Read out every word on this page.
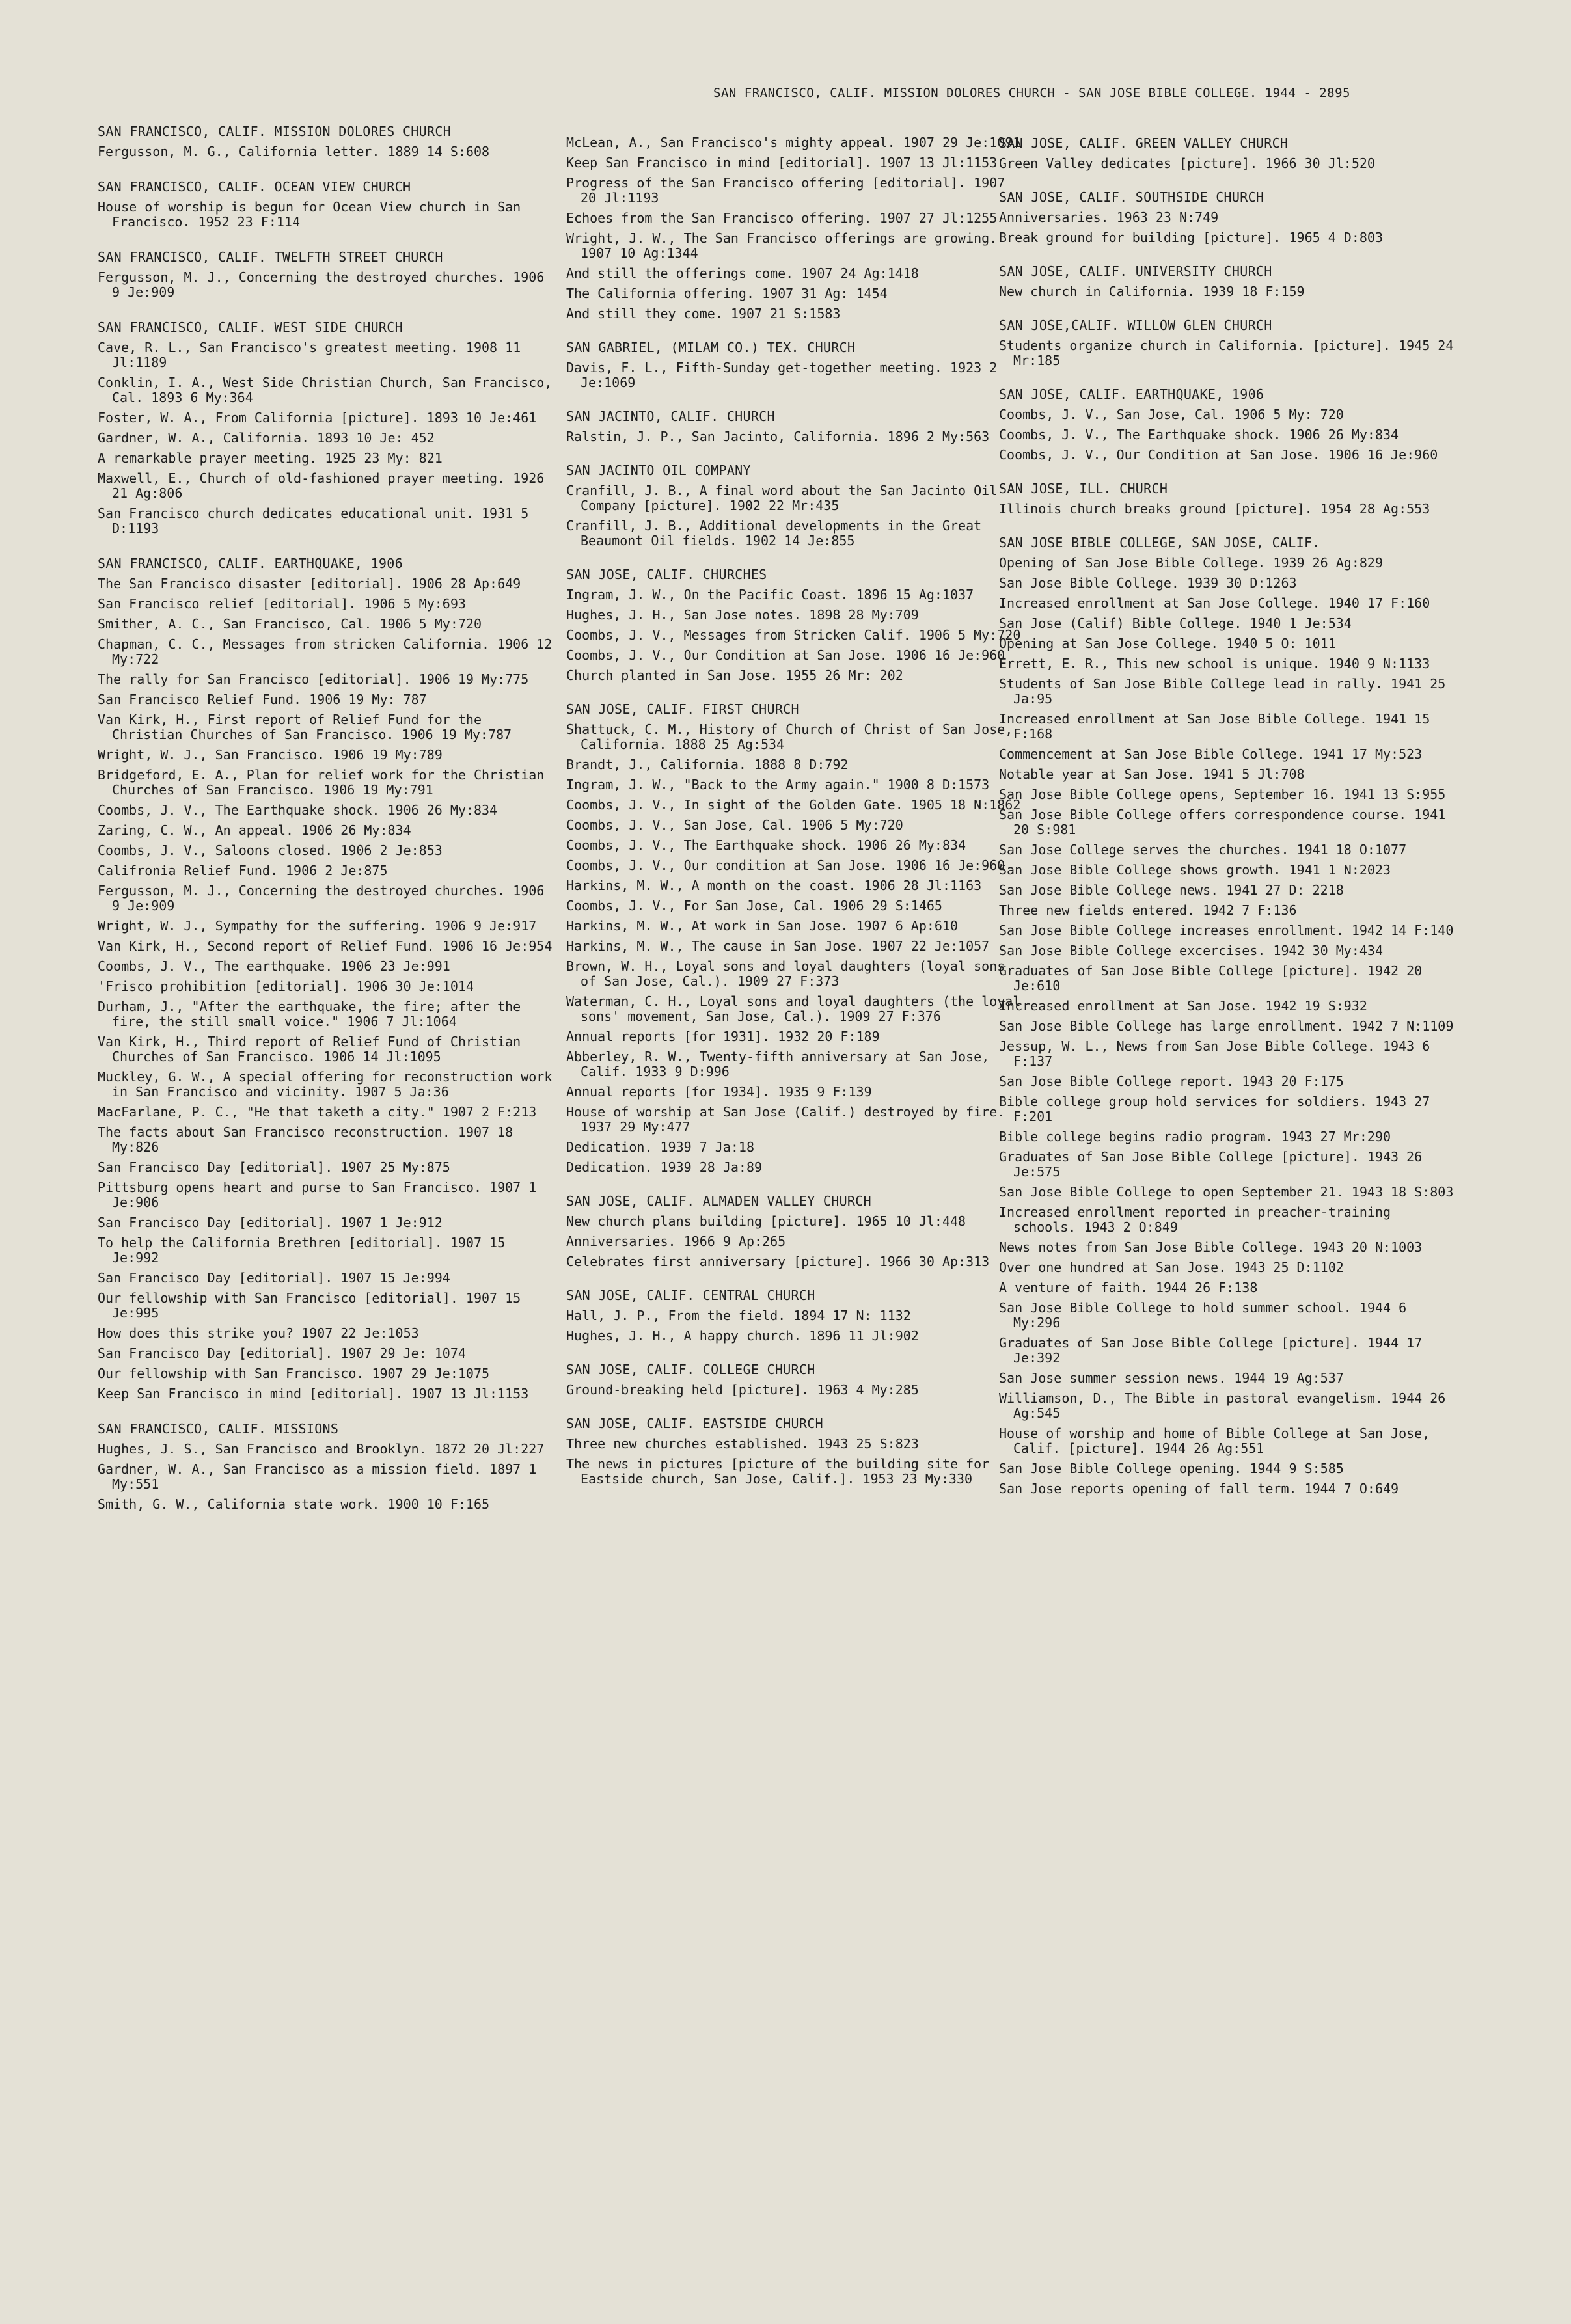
SAN FRANCISCO, CALIF. MISSION DOLORES CHURCH - SAN JOSE BIBLE COLLEGE. 1944 - 2895
SAN FRANCISCO, CALIF. MISSION DOLORES CHURCH
Fergusson, M. G., California letter. 1889 14 S:608
SAN FRANCISCO, CALIF. OCEAN VIEW CHURCH
House of worship is begun for Ocean View church in San Francisco. 1952 23 F:114
SAN FRANCISCO, CALIF. TWELFTH STREET CHURCH
Fergusson, M. J., Concerning the destroyed churches. 1906 9 Je:909
SAN FRANCISCO, CALIF. WEST SIDE CHURCH
Cave, R. L., San Francisco's greatest meeting. 1908 11 Jl:1189
Conklin, I. A., West Side Christian Church, San Francisco, Cal. 1893 6 My:364
Foster, W. A., From California [picture]. 1893 10 Je:461
Gardner, W. A., California. 1893 10 Je: 452
A remarkable prayer meeting. 1925 23 My: 821
Maxwell, E., Church of old-fashioned prayer meeting. 1926 21 Ag:806
San Francisco church dedicates educational unit. 1931 5 D:1193
SAN FRANCISCO, CALIF. EARTHQUAKE, 1906
The San Francisco disaster [editorial]. 1906 28 Ap:649
San Francisco relief [editorial]. 1906 5 My:693
Smither, A. C., San Francisco, Cal. 1906 5 My:720
Chapman, C. C., Messages from stricken California. 1906 12 My:722
The rally for San Francisco [editorial]. 1906 19 My:775
San Francisco Relief Fund. 1906 19 My: 787
Van Kirk, H., First report of Relief Fund for the Christian Churches of San Francisco. 1906 19 My:787
Wright, W. J., San Francisco. 1906 19 My:789
Bridgeford, E. A., Plan for relief work for the Christian Churches of San Francisco. 1906 19 My:791
Coombs, J. V., The Earthquake shock. 1906 26 My:834
Zaring, C. W., An appeal. 1906 26 My:834
Coombs, J. V., Saloons closed. 1906 2 Je:853
Califronia Relief Fund. 1906 2 Je:875
Fergusson, M. J., Concerning the destroyed churches. 1906 9 Je:909
Wright, W. J., Sympathy for the suffering. 1906 9 Je:917
Van Kirk, H., Second report of Relief Fund. 1906 16 Je:954
Coombs, J. V., The earthquake. 1906 23 Je:991
'Frisco prohibition [editorial]. 1906 30 Je:1014
Durham, J., "After the earthquake, the fire; after the fire, the still small voice." 1906 7 Jl:1064
Van Kirk, H., Third report of Relief Fund of Christian Churches of San Francisco. 1906 14 Jl:1095
Muckley, G. W., A special offering for reconstruction work in San Francisco and vicinity. 1907 5 Ja:36
MacFarlane, P. C., "He that taketh a city." 1907 2 F:213
The facts about San Francisco reconstruction. 1907 18 My:826
San Francisco Day [editorial]. 1907 25 My:875
Pittsburg opens heart and purse to San Francisco. 1907 1 Je:906
San Francisco Day [editorial]. 1907 1 Je:912
To help the California Brethren [editorial]. 1907 15 Je:992
San Francisco Day [editorial]. 1907 15 Je:994
Our fellowship with San Francisco [editorial]. 1907 15 Je:995
How does this strike you? 1907 22 Je:1053
San Francisco Day [editorial]. 1907 29 Je: 1074
Our fellowship with San Francisco. 1907 29 Je:1075
Keep San Francisco in mind [editorial]. 1907 13 Jl:1153
SAN FRANCISCO, CALIF. MISSIONS
Hughes, J. S., San Francisco and Brooklyn. 1872 20 Jl:227
Gardner, W. A., San Francisco as a mission field. 1897 1 My:551
Smith, G. W., California state work. 1900 10 F:165
McLean, A., San Francisco's mighty appeal. 1907 29 Je:1091
Keep San Francisco in mind [editorial]. 1907 13 Jl:1153
Progress of the San Francisco offering [editorial]. 1907 20 Jl:1193
Echoes from the San Francisco offering. 1907 27 Jl:1255
Wright, J. W., The San Francisco offerings are growing. 1907 10 Ag:1344
And still the offerings come. 1907 24 Ag:1418
The California offering. 1907 31 Ag: 1454
And still they come. 1907 21 S:1583
SAN GABRIEL, (MILAM CO.) TEX. CHURCH
Davis, F. L., Fifth-Sunday get-together meeting. 1923 2 Je:1069
SAN JACINTO, CALIF. CHURCH
Ralstin, J. P., San Jacinto, California. 1896 2 My:563
SAN JACINTO OIL COMPANY
Cranfill, J. B., A final word about the San Jacinto Oil Company [picture]. 1902 22 Mr:435
Cranfill, J. B., Additional developments in the Great Beaumont Oil fields. 1902 14 Je:855
SAN JOSE, CALIF. CHURCHES
Ingram, J. W., On the Pacific Coast. 1896 15 Ag:1037
Hughes, J. H., San Jose notes. 1898 28 My:709
Coombs, J. V., Messages from Stricken Calif. 1906 5 My:720
Coombs, J. V., Our Condition at San Jose. 1906 16 Je:960
Church planted in San Jose. 1955 26 Mr: 202
SAN JOSE, CALIF. FIRST CHURCH
Shattuck, C. M., History of Church of Christ of San Jose, California. 1888 25 Ag:534
Brandt, J., California. 1888 8 D:792
Ingram, J. W., "Back to the Army again." 1900 8 D:1573
Coombs, J. V., In sight of the Golden Gate. 1905 18 N:1862
Coombs, J. V., San Jose, Cal. 1906 5 My:720
Coombs, J. V., The Earthquake shock. 1906 26 My:834
Coombs, J. V., Our condition at San Jose. 1906 16 Je:960
Harkins, M. W., A month on the coast. 1906 28 Jl:1163
Coombs, J. V., For San Jose, Cal. 1906 29 S:1465
Harkins, M. W., At work in San Jose. 1907 6 Ap:610
Harkins, M. W., The cause in San Jose. 1907 22 Je:1057
Brown, W. H., Loyal sons and loyal daughters (loyal sons of San Jose, Cal.). 1909 27 F:373
Waterman, C. H., Loyal sons and loyal daughters (the loyal sons' movement, San Jose, Cal.). 1909 27 F:376
Annual reports [for 1931]. 1932 20 F:189
Abberley, R. W., Twenty-fifth anniversary at San Jose, Calif. 1933 9 D:996
Annual reports [for 1934]. 1935 9 F:139
House of worship at San Jose (Calif.) destroyed by fire. 1937 29 My:477
Dedication. 1939 7 Ja:18
Dedication. 1939 28 Ja:89
SAN JOSE, CALIF. ALMADEN VALLEY CHURCH
New church plans building [picture]. 1965 10 Jl:448
Anniversaries. 1966 9 Ap:265
Celebrates first anniversary [picture]. 1966 30 Ap:313
SAN JOSE, CALIF. CENTRAL CHURCH
Hall, J. P., From the field. 1894 17 N: 1132
Hughes, J. H., A happy church. 1896 11 Jl:902
SAN JOSE, CALIF. COLLEGE CHURCH
Ground-breaking held [picture]. 1963 4 My:285
SAN JOSE, CALIF. EASTSIDE CHURCH
Three new churches established. 1943 25 S:823
The news in pictures [picture of the building site for Eastside church, San Jose, Calif.]. 1953 23 My:330
SAN JOSE, CALIF. GREEN VALLEY CHURCH
Green Valley dedicates [picture]. 1966 30 Jl:520
SAN JOSE, CALIF. SOUTHSIDE CHURCH
Anniversaries. 1963 23 N:749
Break ground for building [picture]. 1965 4 D:803
SAN JOSE, CALIF. UNIVERSITY CHURCH
New church in California. 1939 18 F:159
SAN JOSE,CALIF. WILLOW GLEN CHURCH
Students organize church in California. [picture]. 1945 24 Mr:185
SAN JOSE, CALIF. EARTHQUAKE, 1906
Coombs, J. V., San Jose, Cal. 1906 5 My: 720
Coombs, J. V., The Earthquake shock. 1906 26 My:834
Coombs, J. V., Our Condition at San Jose. 1906 16 Je:960
SAN JOSE, ILL. CHURCH
Illinois church breaks ground [picture]. 1954 28 Ag:553
SAN JOSE BIBLE COLLEGE, SAN JOSE, CALIF.
Opening of San Jose Bible College. 1939 26 Ag:829
San Jose Bible College. 1939 30 D:1263
Increased enrollment at San Jose College. 1940 17 F:160
San Jose (Calif) Bible College. 1940 1 Je:534
Opening at San Jose College. 1940 5 O: 1011
Errett, E. R., This new school is unique. 1940 9 N:1133
Students of San Jose Bible College lead in rally. 1941 25 Ja:95
Increased enrollment at San Jose Bible College. 1941 15 F:168
Commencement at San Jose Bible College. 1941 17 My:523
Notable year at San Jose. 1941 5 Jl:708
San Jose Bible College opens, September 16. 1941 13 S:955
San Jose Bible College offers correspondence course. 1941 20 S:981
San Jose College serves the churches. 1941 18 O:1077
San Jose Bible College shows growth. 1941 1 N:2023
San Jose Bible College news. 1941 27 D: 2218
Three new fields entered. 1942 7 F:136
San Jose Bible College increases enrollment. 1942 14 F:140
San Jose Bible College excercises. 1942 30 My:434
Graduates of San Jose Bible College [picture]. 1942 20 Je:610
Increased enrollment at San Jose. 1942 19 S:932
San Jose Bible College has large enrollment. 1942 7 N:1109
Jessup, W. L., News from San Jose Bible College. 1943 6 F:137
San Jose Bible College report. 1943 20 F:175
Bible college group hold services for soldiers. 1943 27 F:201
Bible college begins radio program. 1943 27 Mr:290
Graduates of San Jose Bible College [picture]. 1943 26 Je:575
San Jose Bible College to open September 21. 1943 18 S:803
Increased enrollment reported in preacher-training schools. 1943 2 O:849
News notes from San Jose Bible College. 1943 20 N:1003
Over one hundred at San Jose. 1943 25 D:1102
A venture of faith. 1944 26 F:138
San Jose Bible College to hold summer school. 1944 6 My:296
Graduates of San Jose Bible College [picture]. 1944 17 Je:392
San Jose summer session news. 1944 19 Ag:537
Williamson, D., The Bible in pastoral evangelism. 1944 26 Ag:545
House of worship and home of Bible College at San Jose, Calif. [picture]. 1944 26 Ag:551
San Jose Bible College opening. 1944 9 S:585
San Jose reports opening of fall term. 1944 7 O:649
